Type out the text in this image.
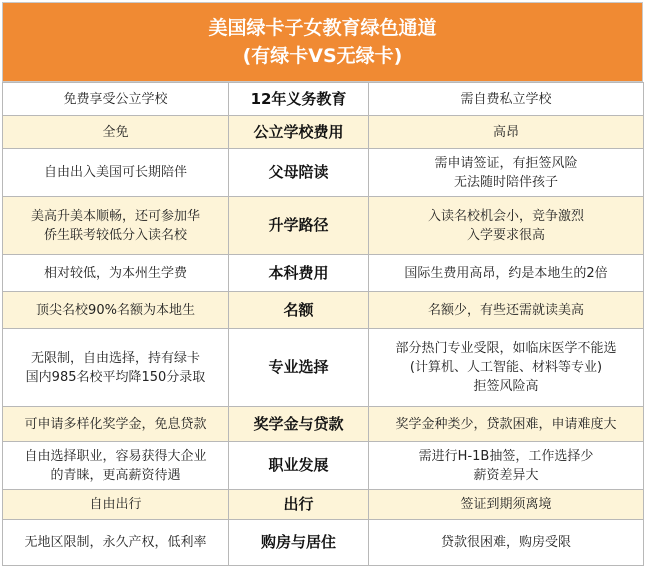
美国绿卡子女教育绿色通道
(有绿卡VS无绿卡)
免费享受公立学校	12年义务教育	需自费私立学校

全免	公立学校费用	高昂

自由出入美国可长期陪伴	父母陪读	需申请签证，有拒签风险
无法随时陪伴孩子

美高升美本顺畅，还可参加华
侨生联考较低分入读名校	升学路径	入读名校机会小，竞争激烈
入学要求很高

相对较低，为本州生学费	本科费用	国际生费用高昂，约是本地生的2倍

顶尖名校90%名额为本地生	名额	名额少，有些还需就读美高

无限制，自由选择，持有绿卡
国内985名校平均降150分录取	专业选择	部分热门专业受限，如临床医学不能选
(计算机、人工智能、材料等专业)
拒签风险高

可申请多样化奖学金，免息贷款	奖学金与贷款	奖学金种类少，贷款困难，申请难度大

自由选择职业，容易获得大企业
的青睐，更高薪资待遇	职业发展	需进行H-1B抽签，工作选择少
薪资差异大

自由出行	出行	签证到期须离境

无地区限制，永久产权，低利率	购房与居住	贷款很困难，购房受限
